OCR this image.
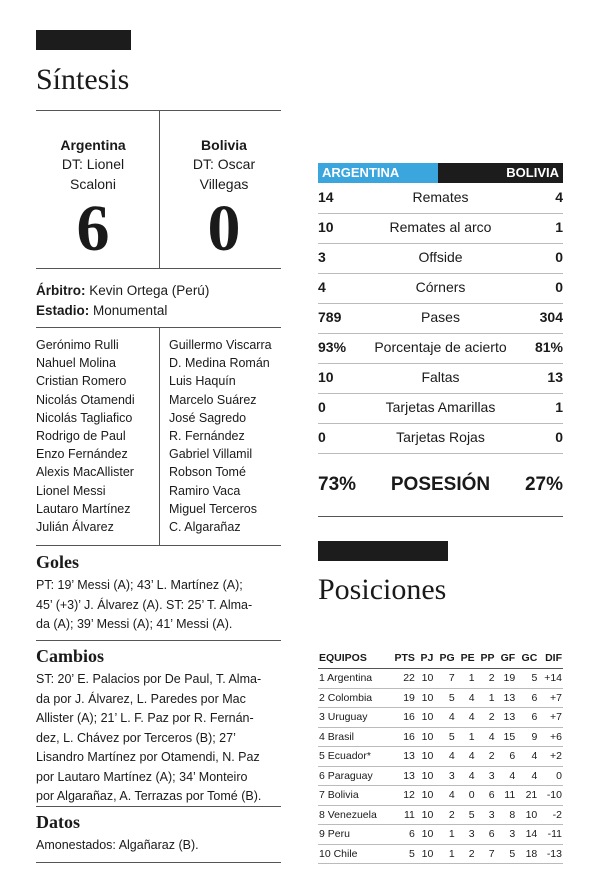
Síntesis
Argentina
DT: Lionel
Scaloni
6
Bolivia
DT: Oscar
Villegas
0
Árbitro: Kevin Ortega (Perú)
Estadio: Monumental
Gerónimo Rulli
Nahuel Molina
Cristian Romero
Nicolás Otamendi
Nicolás Tagliafico
Rodrigo de Paul
Enzo Fernández
Alexis MacAllister
Lionel Messi
Lautaro Martínez
Julián Álvarez
Guillermo Viscarra
D. Medina Román
Luis Haquín
Marcelo Suárez
José Sagredo
R. Fernández
Gabriel Villamil
Robson Tomé
Ramiro Vaca
Miguel Terceros
C. Algarañaz
Goles
PT: 19’ Messi (A); 43’ L. Martínez (A);
45’ (+3)’ J. Álvarez (A). ST: 25’ T. Alma-
da (A); 39’ Messi (A); 41’ Messi (A).
Cambios
ST: 20’ E. Palacios por De Paul, T. Alma-
da por J. Álvarez, L. Paredes por Mac
Allister (A); 21’ L. F. Paz por R. Fernán-
dez, L. Chávez por Terceros (B); 27’
Lisandro Martínez por Otamendi, N. Paz
por Lautaro Martínez (A); 34’ Monteiro
por Algarañaz, A. Terrazas por Tomé (B).
Datos
Amonestados: Algañaraz (B).
ARGENTINA	BOLIVIA
14	Remates	4
10	Remates al arco	1
3	Offside	0
4	Córners	0
789	Pases	304
93%	Porcentaje de acierto	81%
10	Faltas	13
0	Tarjetas Amarillas	1
0	Tarjetas Rojas	0
73%	POSESIÓN	27%
Posiciones
EQUIPOS	PTS	PJ	PG	PE	PP	GF	GC	DIF
1 Argentina	22	10	7	1	2	19	5	+14
2 Colombia	19	10	5	4	1	13	6	+7
3 Uruguay	16	10	4	4	2	13	6	+7
4 Brasil	16	10	5	1	4	15	9	+6
5 Ecuador*	13	10	4	4	2	6	4	+2
6 Paraguay	13	10	3	4	3	4	4	0
7 Bolivia	12	10	4	0	6	11	21	-10
8 Venezuela	11	10	2	5	3	8	10	-2
9 Peru	6	10	1	3	6	3	14	-11
10 Chile	5	10	1	2	7	5	18	-13
